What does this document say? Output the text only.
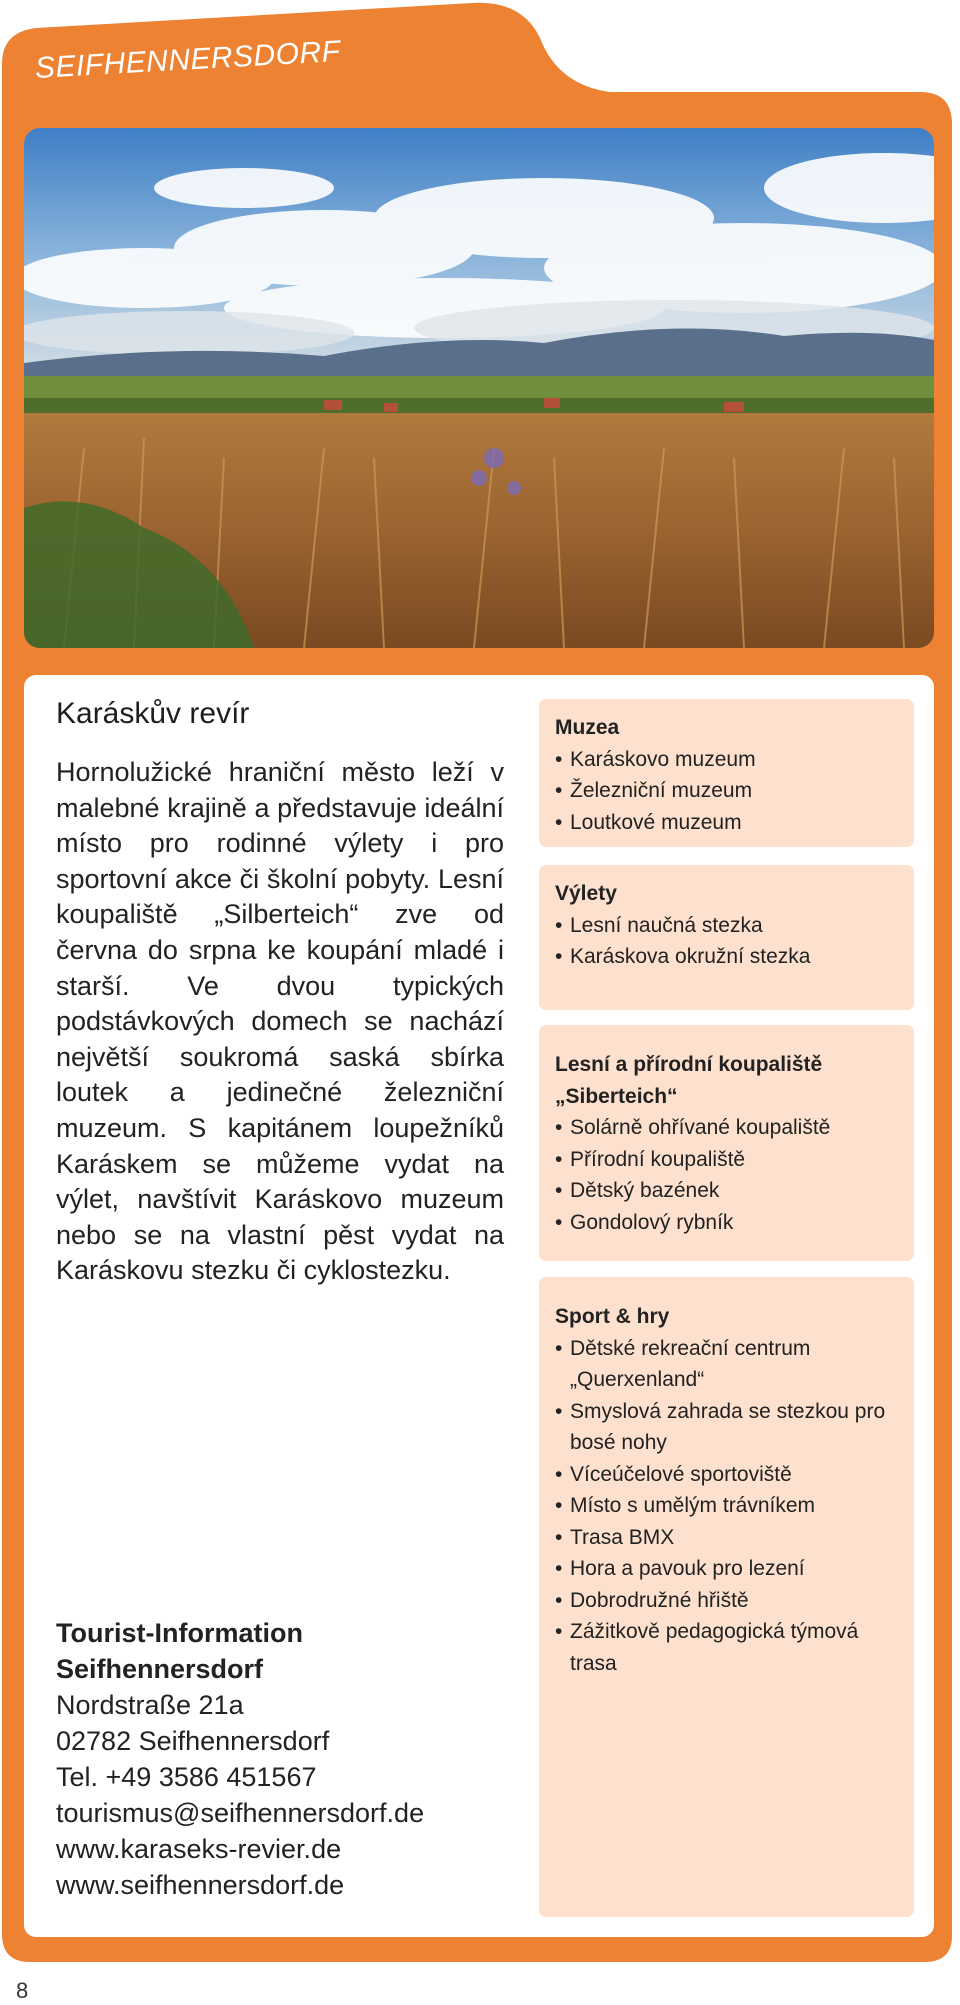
SEIFHENNERSDORF
Karáskův revír

Hornolužické hraniční město leží v malebné krajině a představuje ideální místo pro rodinné výlety i pro sportovní akce či školní pobyty. Lesní koupaliště „Silberteich“ zve od června do srpna ke koupání mladé i starší. Ve dvou typických podstávkových domech se nachází největší soukromá saská sbírka loutek a jedinečné železniční muzeum. S kapitánem loupežníků Karáskem se můžeme vydat na výlet, navštívit Karáskovo muzeum nebo se na vlastní pěst vydat na Karáskovu stezku či cyklostezku.

Tourist-Information
Seifhennersdorf
Nordstraße 21a
02782 Seifhennersdorf
Tel. +49 3586 451567
tourismus@seifhennersdorf.de
www.karaseks-revier.de
www.seifhennersdorf.de
Muzea
• Karáskovo muzeum
• Železniční muzeum
• Loutkové muzeum
Výlety
• Lesní naučná stezka
• Karáskova okružní stezka
Lesní a přírodní koupaliště „Siberteich“
• Solárně ohřívané koupaliště
• Přírodní koupaliště
• Dětský bazének
• Gondolový rybník
Sport & hry
• Dětské rekreační centrum „Querxenland“
• Smyslová zahrada se stezkou pro bosé nohy
• Víceúčelové sportoviště
• Místo s umělým trávníkem
• Trasa BMX
• Hora a pavouk pro lezení
• Dobrodružné hřiště
• Zážitkově pedagogická týmová trasa
8
